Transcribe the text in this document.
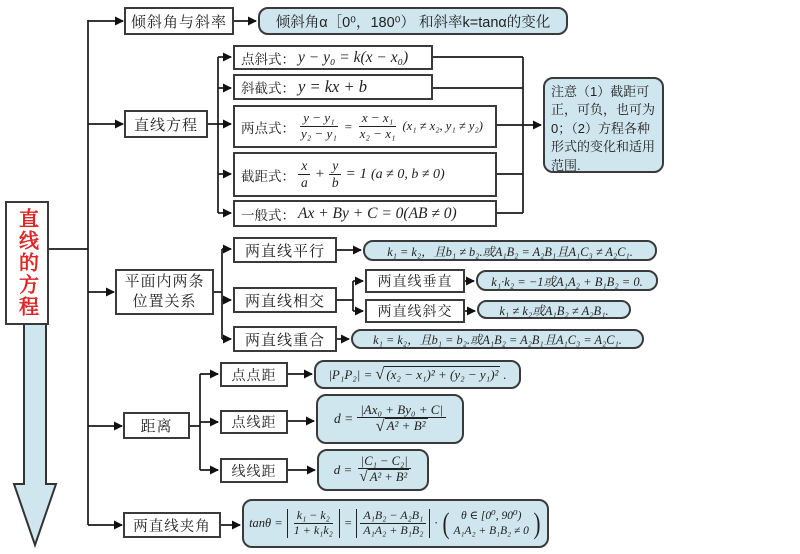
直线的方程
倾斜角与斜率	倾斜角α［0⁰，180⁰） 和斜率k=tanα的变化
直线方程
点斜式： y − y₀ = k(x − x₀)
斜截式： y = kx + b
两点式： $\frac{\text{y − y₁}}{\text{y₂ − y₁}} = \frac{\text{x − x₁}}{\text{x₂ − x₁}} (x_1 \ne x_2$, y₁ ≠ y₂)
截距式： $\frac{x}{a} + \frac{y}{b} = 1$ (a ≠ 0, b ≠ 0)
一般式： Ax + By + C = 0(AB ≠ 0)
注意（1）截距可正，可负，也可为0；（2）方程各种形式的变化和适用范围.
平面内两条
位置关系
两直线平行	k₁ = k₂，且b₁ ≠ b₂.或A₁B₂ = A₂B₁且A₁C₃ ≠ A₂C₁.
两直线相交
两直线垂直	k₁·k₂ = −1或A₁A₂ + B₁B₂ = 0.
两直线斜交	k₁ ≠ k₂或A₁B₂ ≠ A₂B₁.
两直线重合	k₁ = k₂，且b₁ = b₂.或A₁B₂ = A₂B₁且A₁C₃ = A₂C₁.
距离
点点距	|P₁P₂| = √ (x₂ − x₁)² + (y₂ − y₁)² .
点线距	$d = \frac{\text{|Ax₀ + By₀ + C|}}{\text{√ A² + B²}}$
线线距	$d = \frac{\text{|C₁ − C₂|}}{\text{√ A² + B²}}$
两直线夹角	$\tan\theta = \frac{\text{k₁ − k₂}}{\text{1 + k₁k₂}} = \frac{\text{A₁B₂ − A₂B₁}}{\text{A₁A₂ + B₁B₂}}$ · ( θ ∈ [0⁰, 90⁰)
A₁A₂ + B₁B₂ ≠ 0 )
